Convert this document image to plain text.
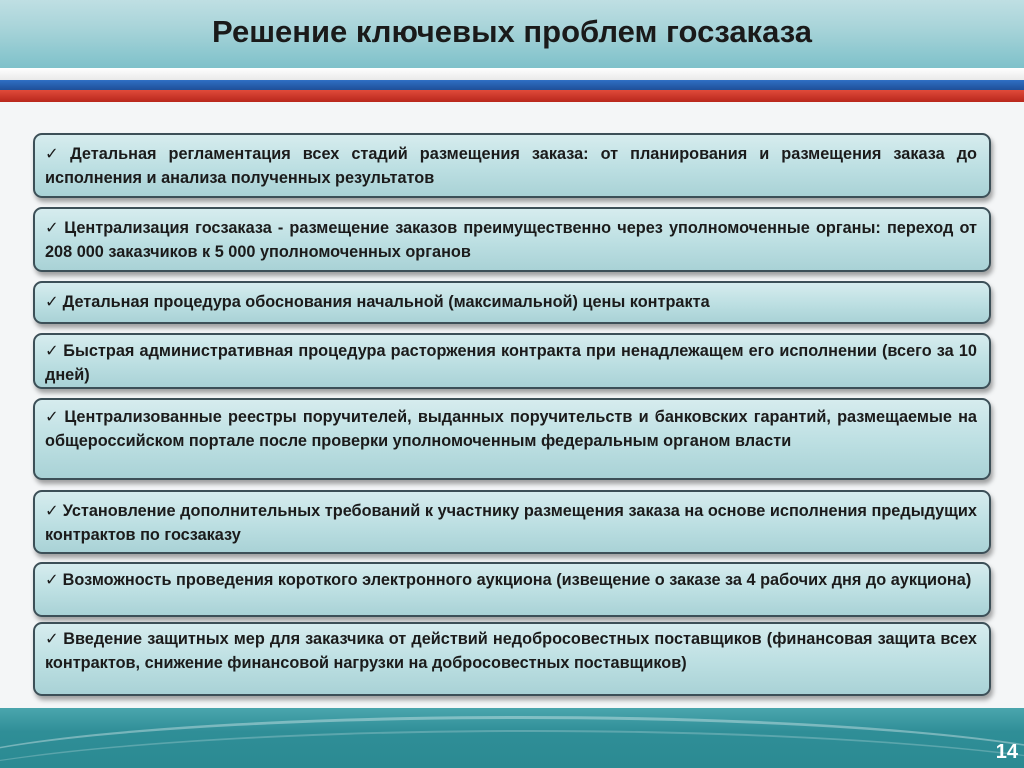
Решение ключевых проблем госзаказа
✓ Детальная регламентация всех стадий размещения заказа: от планирования и размещения заказа до исполнения и анализа полученных результатов
✓ Централизация госзаказа - размещение заказов преимущественно через уполномоченные органы: переход от 208 000 заказчиков к 5 000 уполномоченных органов
✓ Детальная процедура обоснования начальной (максимальной) цены контракта
✓ Быстрая административная процедура расторжения контракта при ненадлежащем его исполнении (всего за 10 дней)
✓ Централизованные реестры поручителей, выданных поручительств и банковских гарантий, размещаемые на общероссийском портале после проверки уполномоченным федеральным органом власти
✓ Установление дополнительных требований к участнику размещения заказа на основе исполнения предыдущих контрактов по госзаказу
✓ Возможность проведения короткого электронного аукциона (извещение о заказе за 4 рабочих дня до аукциона)
✓ Введение защитных мер для заказчика от действий недобросовестных поставщиков (финансовая защита всех контрактов, снижение финансовой нагрузки на добросовестных поставщиков)
14
